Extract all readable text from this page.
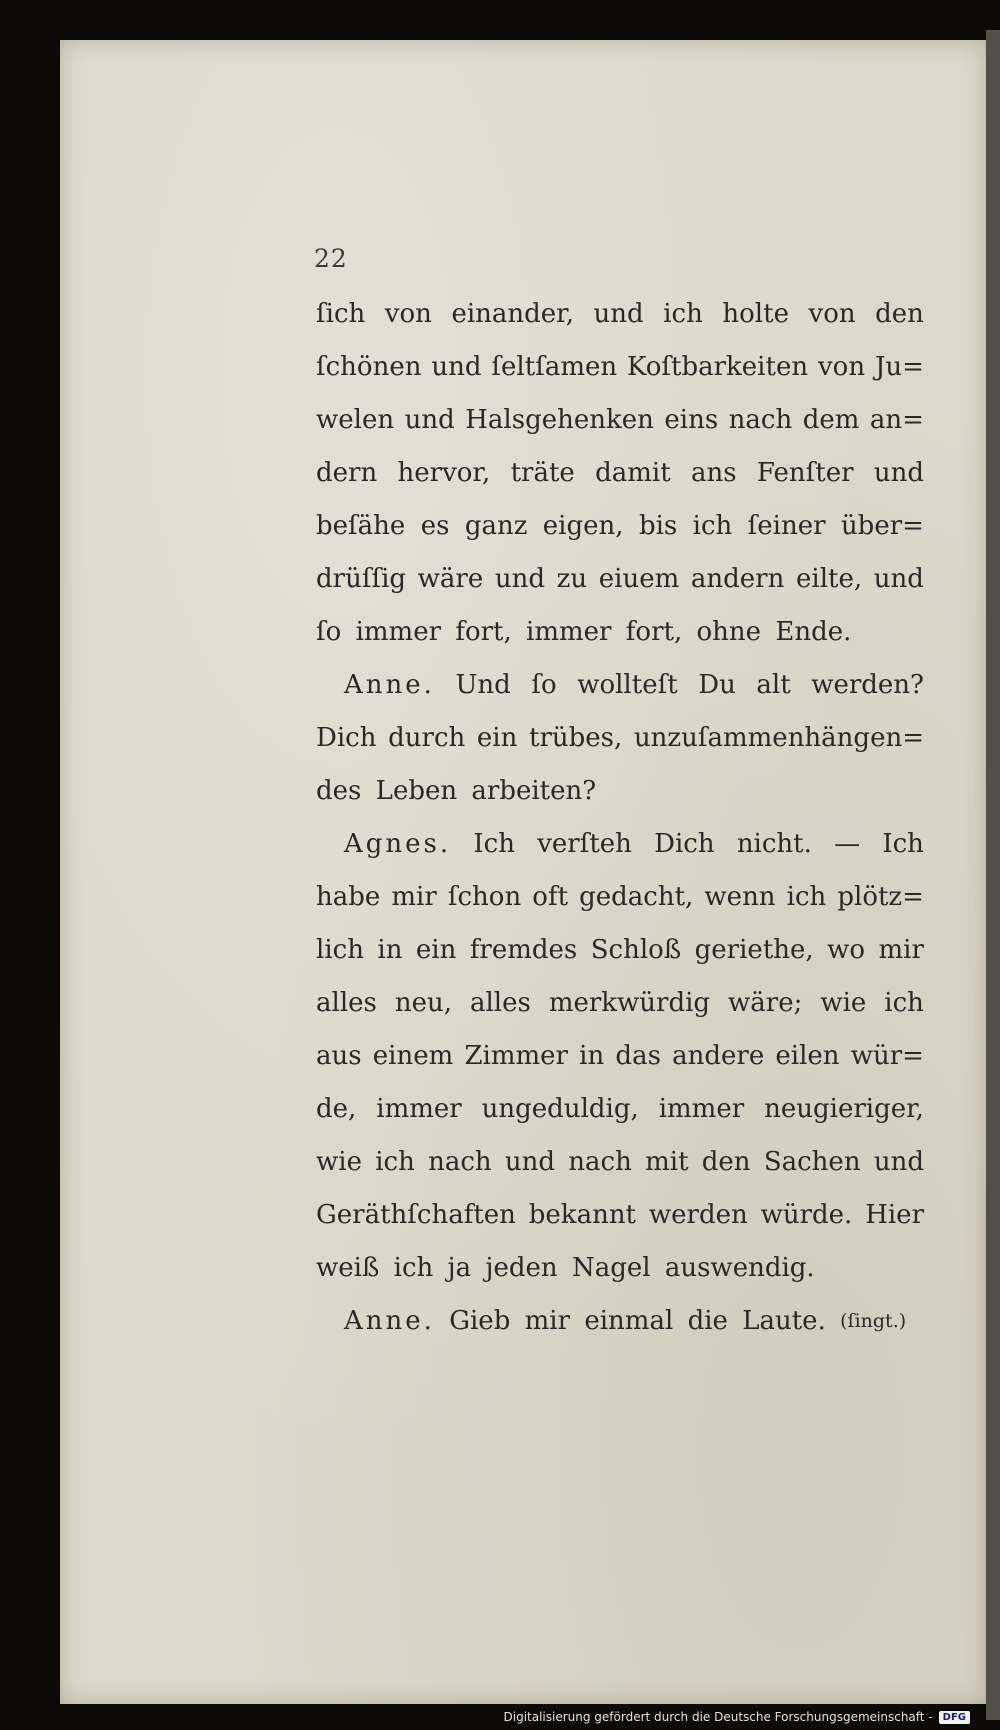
22
ſich von einander, und ich holte von den
ſchönen und ſeltſamen Koſtbarkeiten von Ju=
welen und Halsgehenken eins nach dem an=
dern hervor, träte damit ans Fenſter und
beſähe es ganz eigen, bis ich ſeiner über=
drüſſig wäre und zu eiuem andern eilte, und
ſo immer fort, immer fort, ohne Ende.
Anne. Und ſo wollteſt Du alt werden?
Dich durch ein trübes, unzuſammenhängen=
des Leben arbeiten?
Agnes. Ich verſteh Dich nicht. — Ich
habe mir ſchon oft gedacht, wenn ich plötz=
lich in ein fremdes Schloß geriethe, wo mir
alles neu, alles merkwürdig wäre; wie ich
aus einem Zimmer in das andere eilen wür=
de, immer ungeduldig, immer neugieriger,
wie ich nach und nach mit den Sachen und
Geräthſchaften bekannt werden würde. Hier
weiß ich ja jeden Nagel auswendig.
Anne. Gieb mir einmal die Laute. (ſingt.)
Digitalisierung gefördert durch die Deutsche Forschungsgemeinschaft -	DFG
